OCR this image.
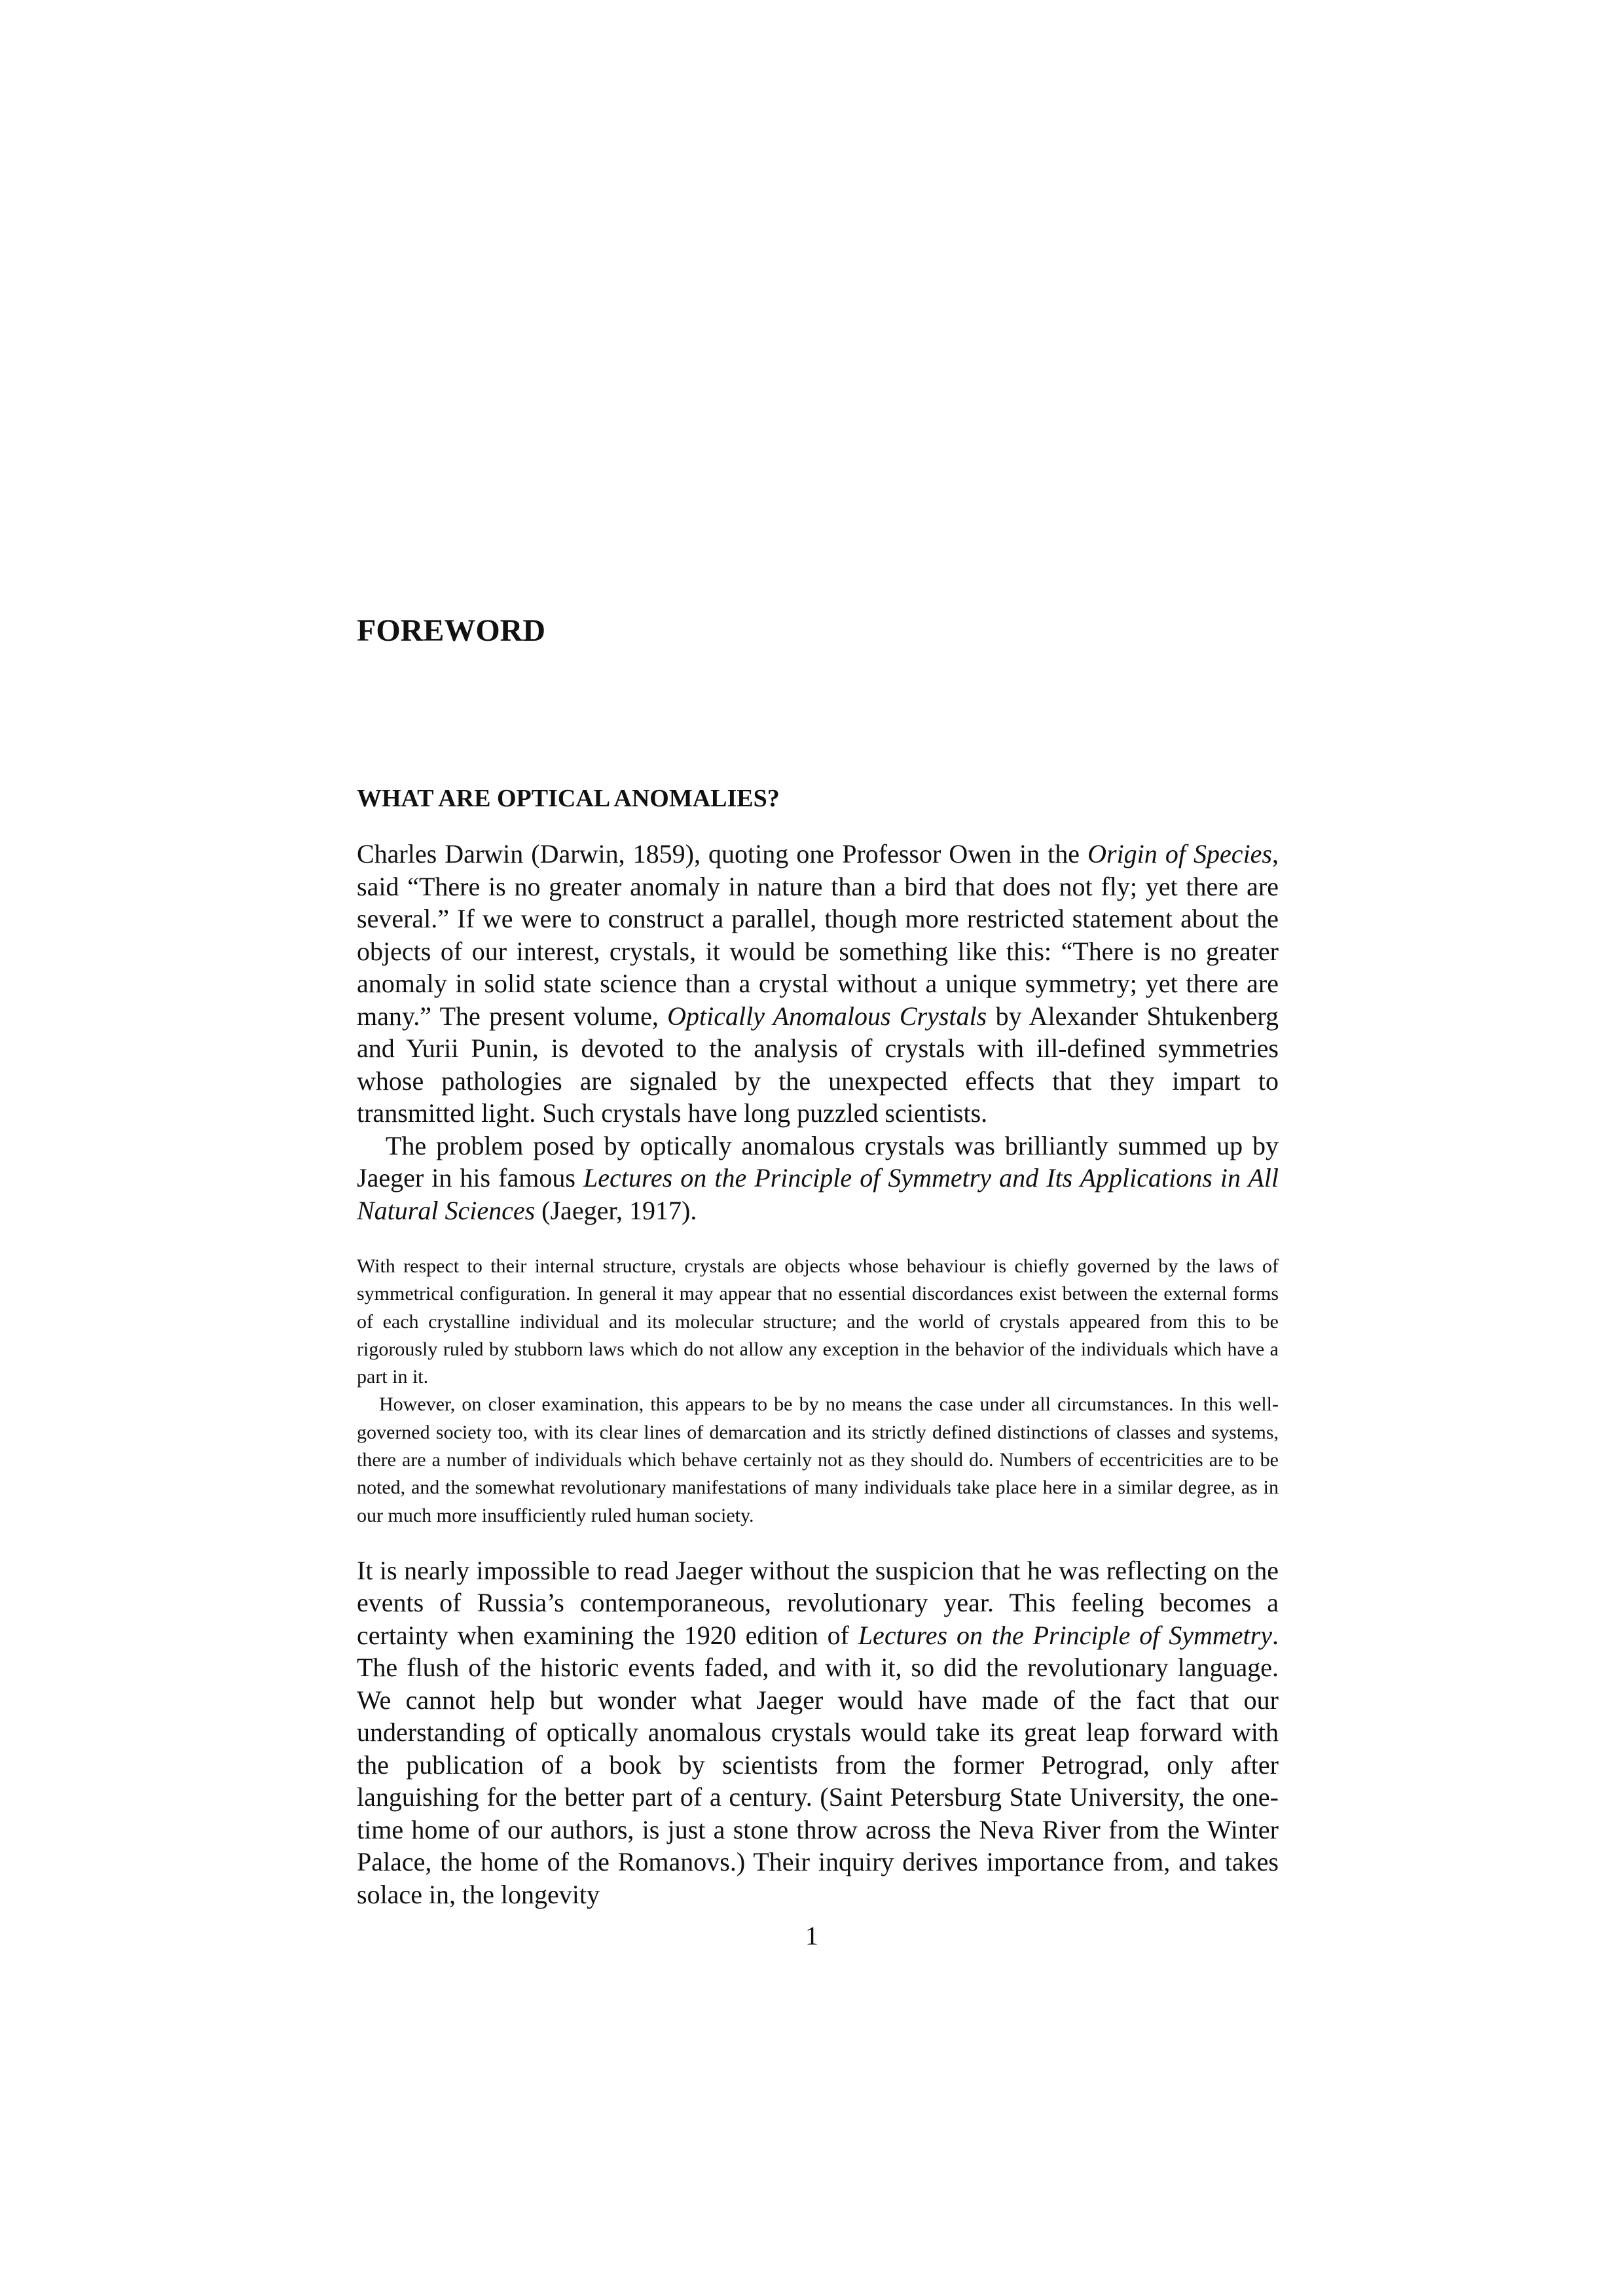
FOREWORD
WHAT ARE OPTICAL ANOMALIES?

Charles Darwin (Darwin, 1859), quoting one Professor Owen in the Origin of Species, said “There is no greater anomaly in nature than a bird that does not fly; yet there are several.” If we were to construct a parallel, though more restricted statement about the objects of our interest, crystals, it would be something like this: “There is no greater anomaly in solid state science than a crystal without a unique symmetry; yet there are many.” The present volume, Optically Anomalous Crystals by Alexander Shtukenberg and Yurii Punin, is devoted to the analysis of crystals with ill-defined symmetries whose pathologies are signaled by the unexpected effects that they impart to transmitted light. Such crystals have long puzzled scientists.

The problem posed by optically anomalous crystals was brilliantly summed up by Jaeger in his famous Lectures on the Principle of Symmetry and Its Applications in All Natural Sciences (Jaeger, 1917).

With respect to their internal structure, crystals are objects whose behaviour is chiefly governed by the laws of symmetrical configuration. In general it may appear that no essential discordances exist between the external forms of each crystalline individual and its molecular structure; and the world of crystals appeared from this to be rigorously ruled by stubborn laws which do not allow any exception in the behavior of the individuals which have a part in it.

However, on closer examination, this appears to be by no means the case under all circumstances. In this well-governed society too, with its clear lines of demarcation and its strictly defined distinctions of classes and systems, there are a number of individuals which behave certainly not as they should do. Numbers of eccentricities are to be noted, and the somewhat revolutionary manifestations of many individuals take place here in a similar degree, as in our much more insufficiently ruled human society.

It is nearly impossible to read Jaeger without the suspicion that he was reflecting on the events of Russia’s contemporaneous, revolutionary year. This feeling becomes a certainty when examining the 1920 edition of Lectures on the Principle of Symmetry. The flush of the historic events faded, and with it, so did the revolutionary language. We cannot help but wonder what Jaeger would have made of the fact that our understanding of optically anomalous crystals would take its great leap forward with the publication of a book by scientists from the former Petrograd, only after languishing for the better part of a century. (Saint Petersburg State University, the one-time home of our authors, is just a stone throw across the Neva River from the Winter Palace, the home of the Romanovs.) Their inquiry derives importance from, and takes solace in, the longevity

1
